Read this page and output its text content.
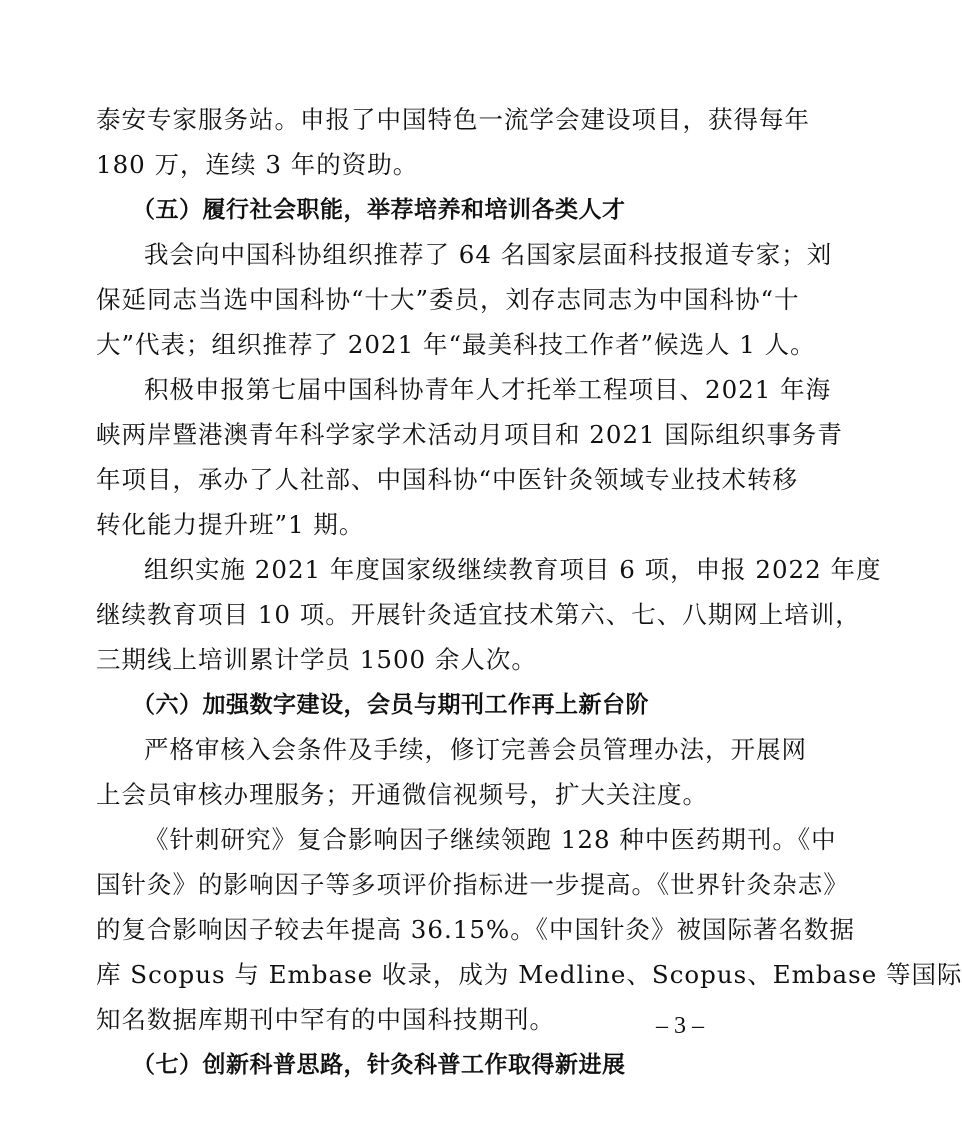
泰安专家服务站。申报了中国特色一流学会建设项目，获得每年
180 万，连续 3 年的资助。
（五）履行社会职能，举荐培养和培训各类人才
我会向中国科协组织推荐了 64 名国家层面科技报道专家；刘
保延同志当选中国科协“十大”委员，刘存志同志为中国科协“十
大”代表；组织推荐了 2021 年“最美科技工作者”候选人 1 人。
积极申报第七届中国科协青年人才托举工程项目、2021 年海
峡两岸暨港澳青年科学家学术活动月项目和 2021 国际组织事务青
年项目，承办了人社部、中国科协“中医针灸领域专业技术转移
转化能力提升班”1 期。
组织实施 2021 年度国家级继续教育项目 6 项，申报 2022 年度
继续教育项目 10 项。开展针灸适宜技术第六、七、八期网上培训，
三期线上培训累计学员 1500 余人次。
（六）加强数字建设，会员与期刊工作再上新台阶
严格审核入会条件及手续，修订完善会员管理办法，开展网
上会员审核办理服务；开通微信视频号，扩大关注度。
《针刺研究》复合影响因子继续领跑 128 种中医药期刊。《中
国针灸》的影响因子等多项评价指标进一步提高。《世界针灸杂志》
的复合影响因子较去年提高 36.15%。《中国针灸》被国际著名数据
库 Scopus 与 Embase 收录，成为 Medline、Scopus、Embase 等国际
知名数据库期刊中罕有的中国科技期刊。
（七）创新科普思路，针灸科普工作取得新进展
– 3 –
